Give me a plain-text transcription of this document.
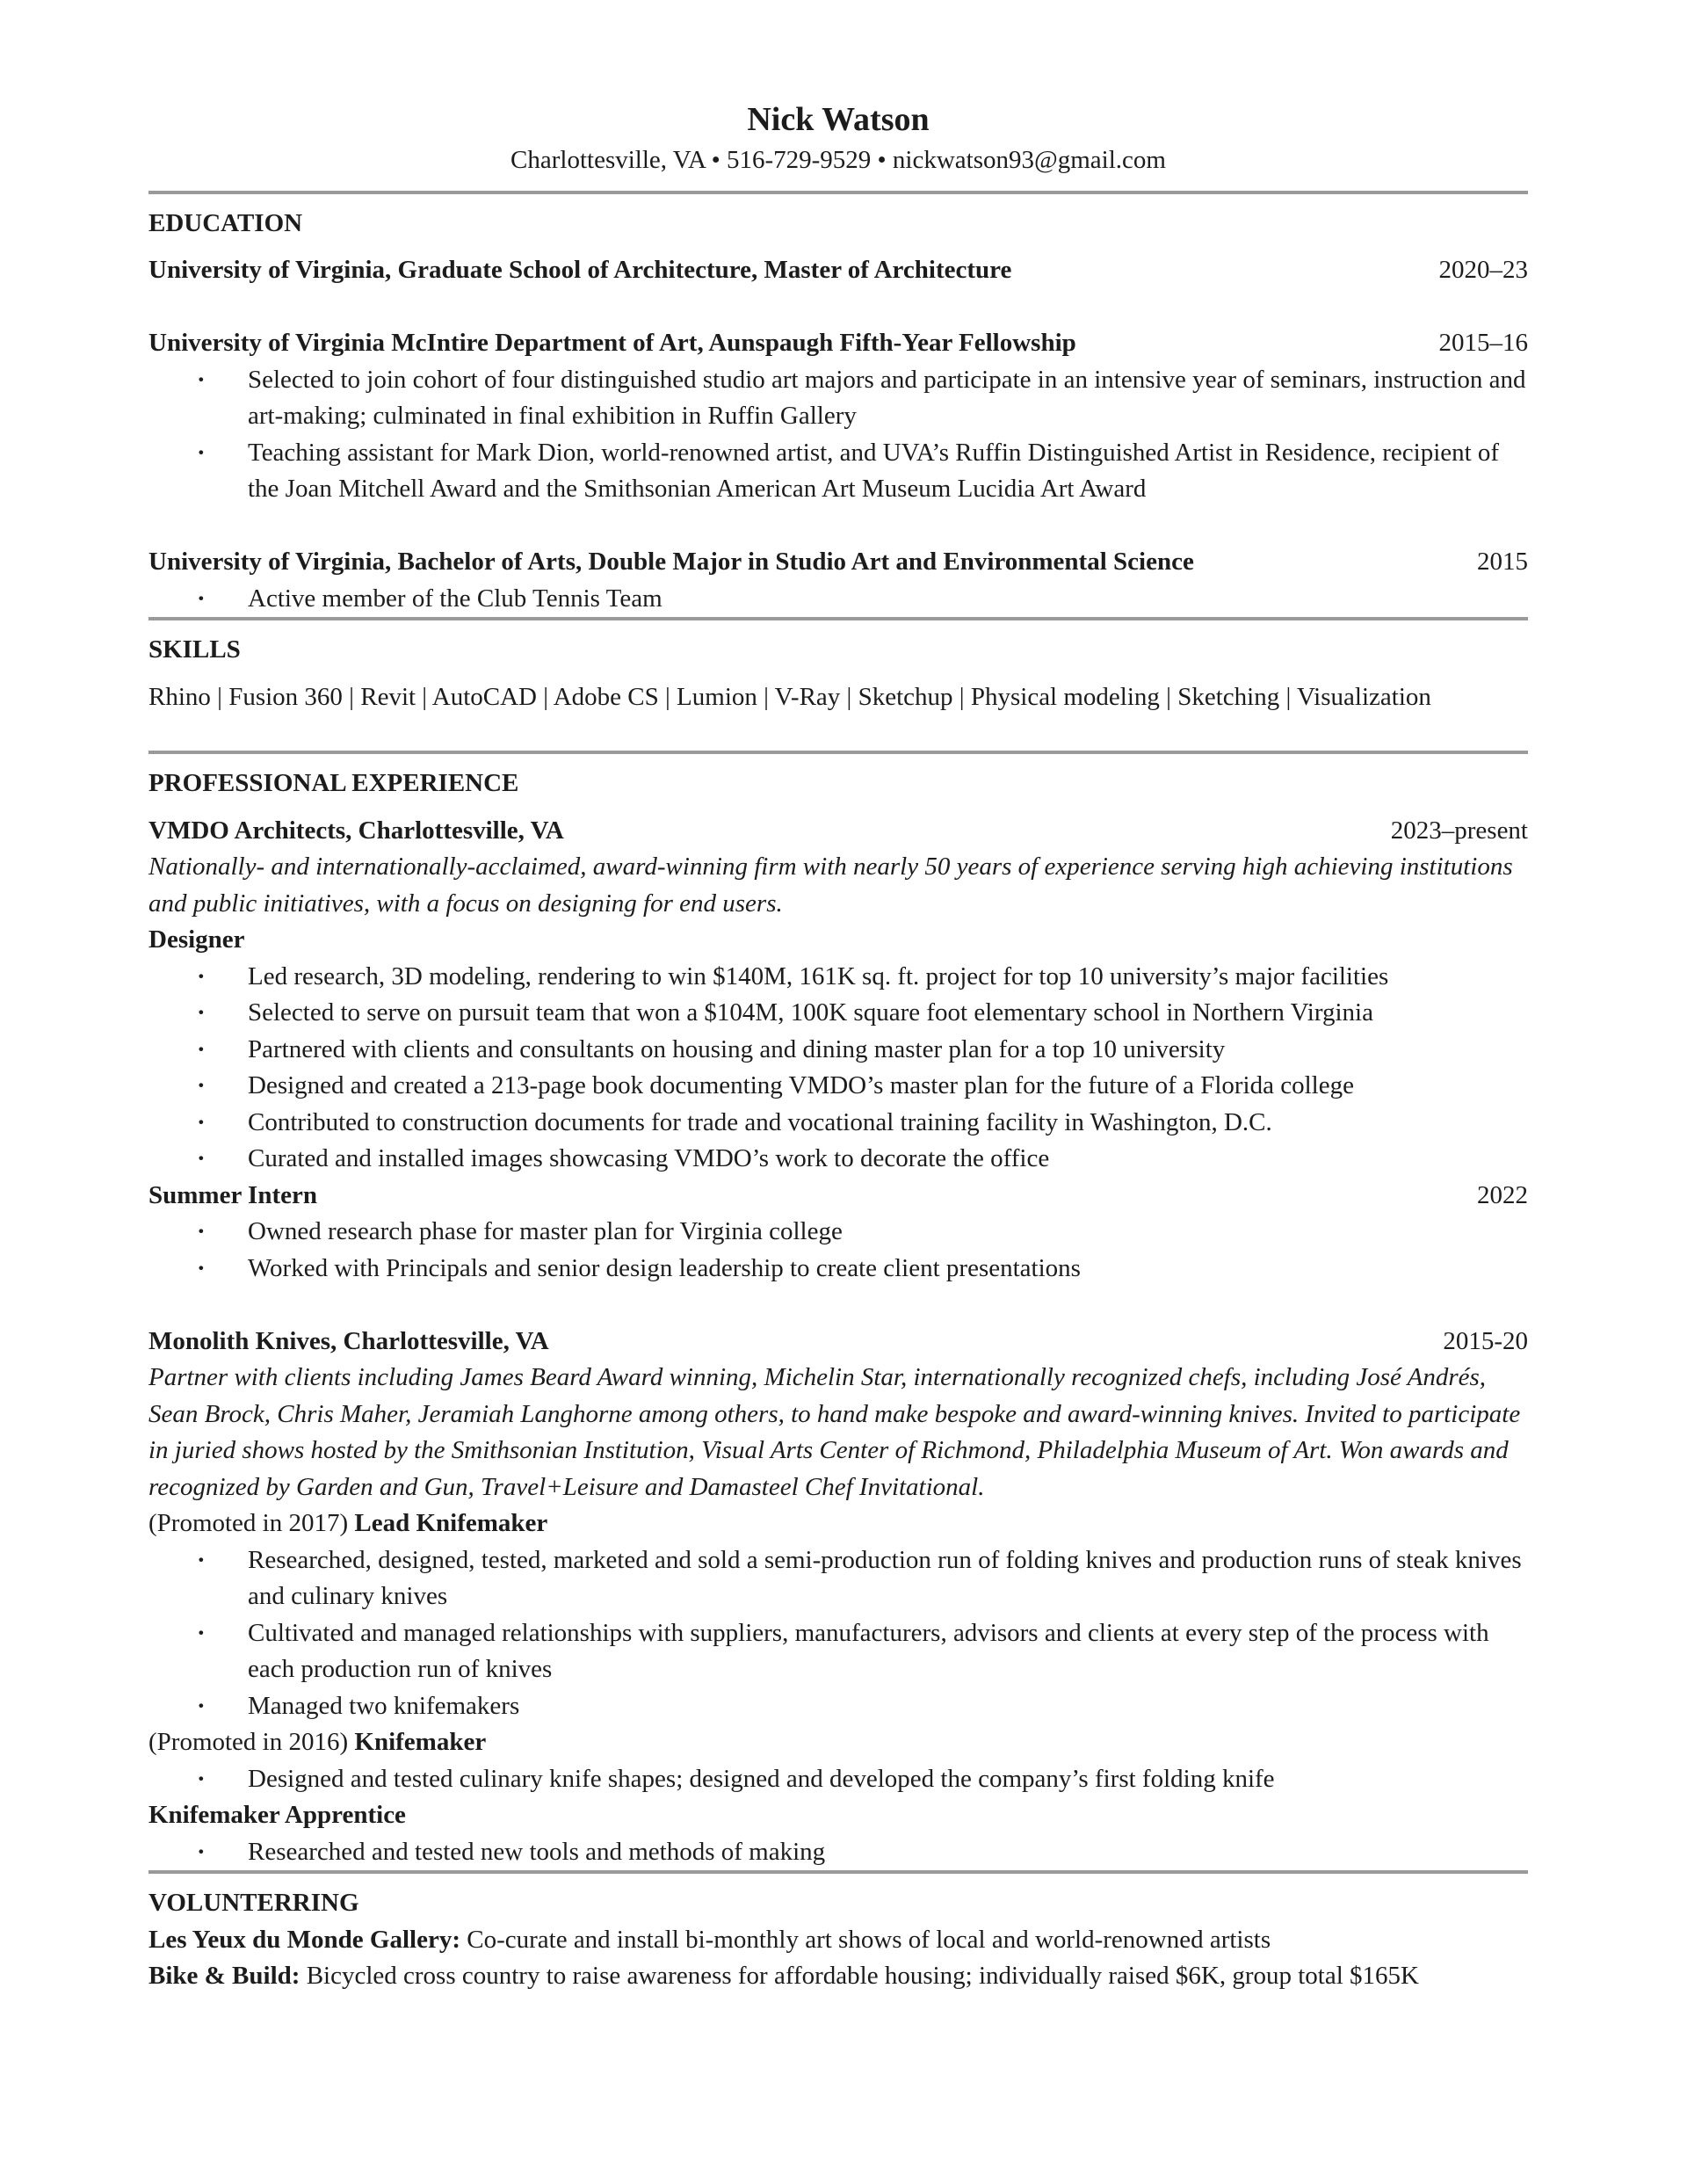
Nick Watson
Charlottesville, VA • 516-729-9529 • nickwatson93@gmail.com
EDUCATION
University of Virginia, Graduate School of Architecture, Master of Architecture	2020–23
University of Virginia McIntire Department of Art, Aunspaugh Fifth-Year Fellowship	2015–16
· Selected to join cohort of four distinguished studio art majors and participate in an intensive year of seminars, instruction and art-making; culminated in final exhibition in Ruffin Gallery
· Teaching assistant for Mark Dion, world-renowned artist, and UVA’s Ruffin Distinguished Artist in Residence, recipient of the Joan Mitchell Award and the Smithsonian American Art Museum Lucidia Art Award
University of Virginia, Bachelor of Arts, Double Major in Studio Art and Environmental Science	2015
· Active member of the Club Tennis Team
SKILLS
Rhino | Fusion 360 | Revit | AutoCAD | Adobe CS | Lumion | V-Ray | Sketchup | Physical modeling | Sketching | Visualization
PROFESSIONAL EXPERIENCE
VMDO Architects, Charlottesville, VA	2023–present
Nationally- and internationally-acclaimed, award-winning firm with nearly 50 years of experience serving high achieving institutions and public initiatives, with a focus on designing for end users.
Designer
· Led research, 3D modeling, rendering to win $140M, 161K sq. ft. project for top 10 university’s major facilities
· Selected to serve on pursuit team that won a $104M, 100K square foot elementary school in Northern Virginia
· Partnered with clients and consultants on housing and dining master plan for a top 10 university
· Designed and created a 213-page book documenting VMDO’s master plan for the future of a Florida college
· Contributed to construction documents for trade and vocational training facility in Washington, D.C.
· Curated and installed images showcasing VMDO’s work to decorate the office
Summer Intern	2022
· Owned research phase for master plan for Virginia college
· Worked with Principals and senior design leadership to create client presentations
Monolith Knives, Charlottesville, VA	2015-20
Partner with clients including James Beard Award winning, Michelin Star, internationally recognized chefs, including José Andrés, Sean Brock, Chris Maher, Jeramiah Langhorne among others, to hand make bespoke and award-winning knives. Invited to participate in juried shows hosted by the Smithsonian Institution, Visual Arts Center of Richmond, Philadelphia Museum of Art. Won awards and recognized by Garden and Gun, Travel+Leisure and Damasteel Chef Invitational.
(Promoted in 2017) Lead Knifemaker
· Researched, designed, tested, marketed and sold a semi-production run of folding knives and production runs of steak knives and culinary knives
· Cultivated and managed relationships with suppliers, manufacturers, advisors and clients at every step of the process with each production run of knives
· Managed two knifemakers
(Promoted in 2016) Knifemaker
· Designed and tested culinary knife shapes; designed and developed the company’s first folding knife
Knifemaker Apprentice
· Researched and tested new tools and methods of making
VOLUNTERRING
Les Yeux du Monde Gallery: Co-curate and install bi-monthly art shows of local and world-renowned artists
Bike & Build: Bicycled cross country to raise awareness for affordable housing; individually raised $6K, group total $165K
